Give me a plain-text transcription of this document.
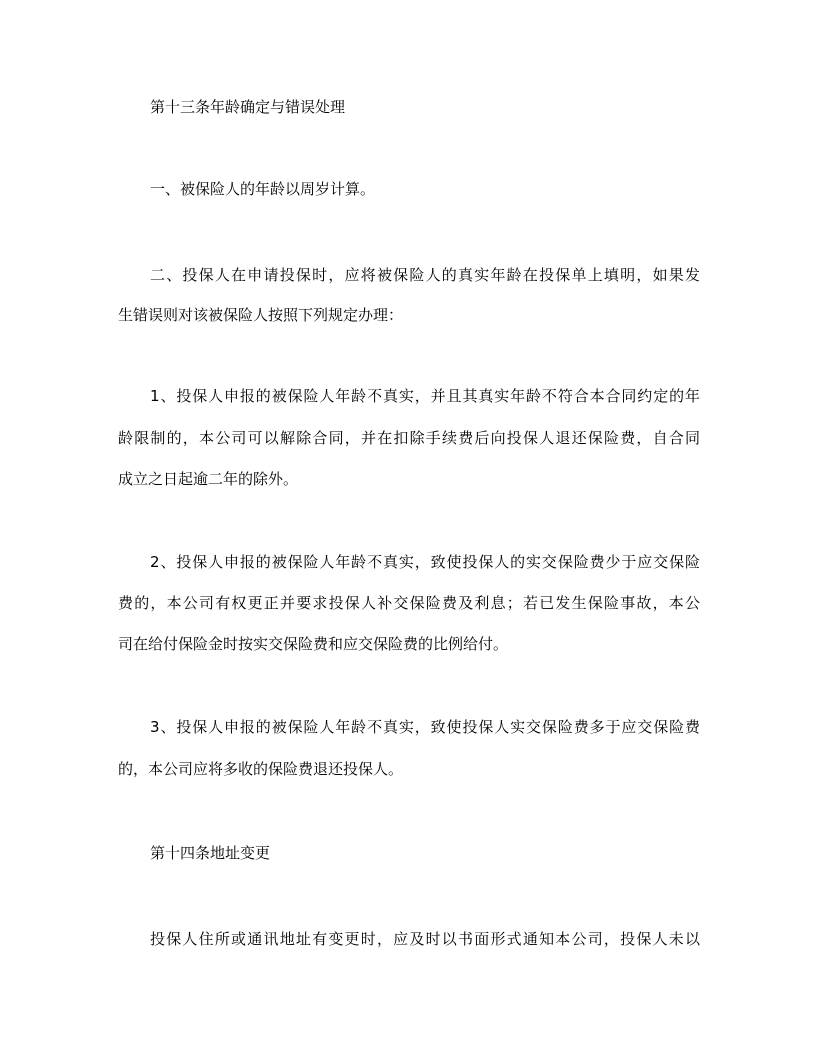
第十三条年龄确定与错误处理

一、被保险人的年龄以周岁计算。

二、投保人在申请投保时，应将被保险人的真实年龄在投保单上填明，如果发

生错误则对该被保险人按照下列规定办理：

1、投保人申报的被保险人年龄不真实，并且其真实年龄不符合本合同约定的年

龄限制的，本公司可以解除合同，并在扣除手续费后向投保人退还保险费，自合同

成立之日起逾二年的除外。

2、投保人申报的被保险人年龄不真实，致使投保人的实交保险费少于应交保险

费的，本公司有权更正并要求投保人补交保险费及利息；若已发生保险事故，本公

司在给付保险金时按实交保险费和应交保险费的比例给付。

3、投保人申报的被保险人年龄不真实，致使投保人实交保险费多于应交保险费

的，本公司应将多收的保险费退还投保人。

第十四条地址变更

投保人住所或通讯地址有变更时，应及时以书面形式通知本公司，投保人未以
